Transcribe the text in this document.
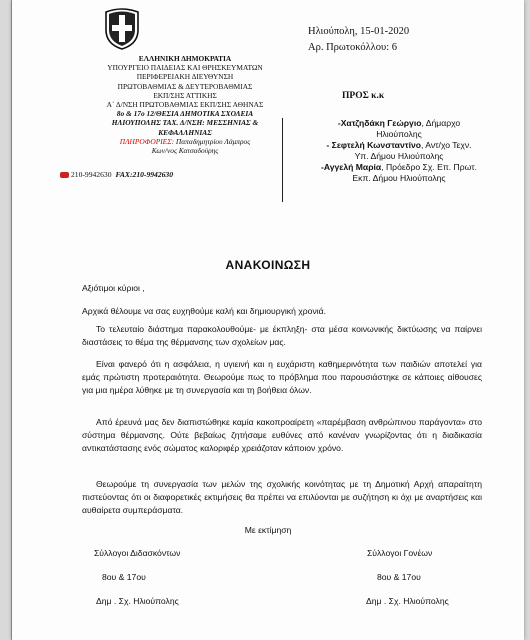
ΕΛΛΗΝΙΚΗ ΔΗΜΟΚΡΑΤΙΑ
ΥΠΟΥΡΓΕΙΟ ΠΑΙΔΕΙΑΣ ΚΑΙ ΘΡΗΣΚΕΥΜΑΤΩΝ
ΠΕΡΙΦΕΡΕΙΑΚΗ ΔΙΕΥΘΥΝΣΗ
ΠΡΩΤΟΒΑΘΜΙΑΣ & ΔΕΥΤΕΡΟΒΑΘΜΙΑΣ
ΕΚΠ/ΣΗΣ ΑΤΤΙΚΗΣ
Α΄ Δ/ΝΣΗ ΠΡΩΤΟΒΑΘΜΙΑΣ ΕΚΠ/ΣΗΣ ΑΘΗΝΑΣ
8ο & 17ο 12/ΘΕΣΙΑ ΔΗΜΟΤΙΚΑ ΣΧΟΛΕΙΑ
ΗΛΙΟΥΠΟΛΗΣ ΤΑΧ. Δ/ΝΣΗ: ΜΕΣΣΗΝΙΑΣ &
ΚΕΦΑΛΛΗΝΙΑΣ
ΠΛΗΡΟΦΟΡΙΕΣ: Παπαδημητρίου Λάμπρος
Κων/νος Κατσαδούρης
210-9942630 FAX:210-9942630
Ηλιούπολη, 15-01-2020
Αρ. Πρωτοκόλλου: 6
ΠΡΟΣ κ.κ
-Χατζηδάκη Γεώργιο, Δήμαρχο
Ηλιούπολης
- Σεφτελή Κωνσταντίνο, Αντ/χο Τεχν.
Υπ. Δήμου Ηλιούπολης
-Αγγελή Μαρία, Πρόεδρο Σχ. Επ. Πρωτ.
Εκπ. Δήμου Ηλιούπολης
ΑΝΑΚΟΙΝΩΣΗ
Αξιότιμοι κύριοι ,
Αρχικά θέλουμε να σας ευχηθούμε καλή και δημιουργική χρονιά.
Το τελευταίο διάστημα παρακολουθούμε- με έκπληξη- στα μέσα κοινωνικής δικτύωσης να παίρνει διαστάσεις το θέμα της θέρμανσης των σχολείων μας.
Είναι φανερό ότι η ασφάλεια, η υγιεινή και η ευχάριστη καθημερινότητα των παιδιών αποτελεί για εμάς πρώτιστη προτεραιότητα. Θεωρούμε πως το πρόβλημα που παρουσιάστηκε σε κάποιες αίθουσες για μια ημέρα λύθηκε με τη συνεργασία και τη βοήθεια όλων.
Από έρευνά μας δεν διαπιστώθηκε καμία κακοπροαίρετη «παρέμβαση ανθρώπινου παράγοντα» στο σύστημα θέρμανσης. Ούτε βεβαίως ζητήσαμε ευθύνες από κανέναν γνωρίζοντας ότι η διαδικασία αντικατάστασης ενός σώματος καλοριφέρ χρειάζοταν κάποιον χρόνο.
Θεωρούμε τη συνεργασία των μελών της σχολικής κοινότητας με τη Δημοτική Αρχή απαραίτητη πιστεύοντας ότι οι διαφορετικές εκτιμήσεις θα πρέπει να επιλύονται με συζήτηση κι όχι με αναρτήσεις και αυθαίρετα συμπεράσματα.
Με εκτίμηση
Σύλλογοι Διδασκόντων
8ου & 17ου
Δημ . Σχ. Ηλιούπολης
Σύλλογοι Γονέων
8ου & 17ου
Δημ . Σχ. Ηλιούπολης
